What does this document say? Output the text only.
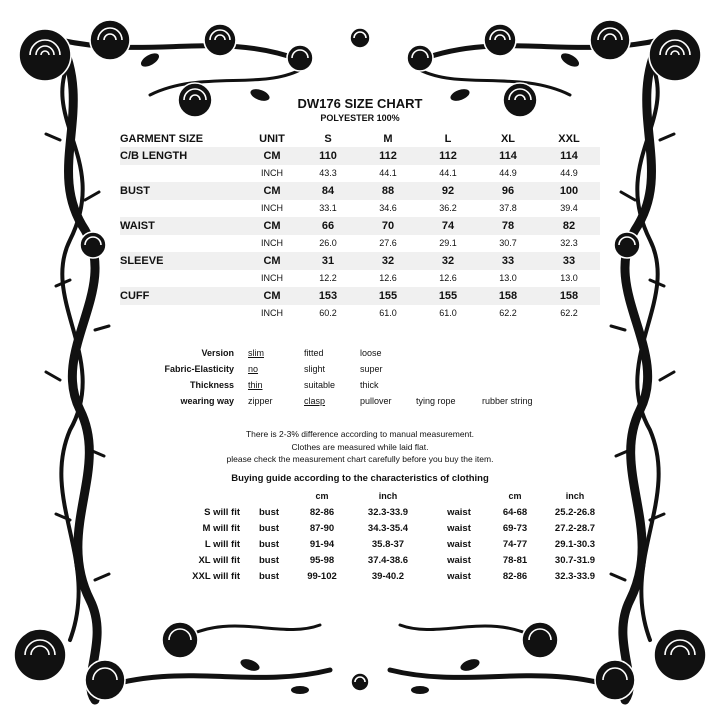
DW176 SIZE CHART
POLYESTER 100%
GARMENT SIZE	UNIT	S	M	L	XL	XXL
C/B LENGTH	CM	110	112	112	114	114
	INCH	43.3	44.1	44.1	44.9	44.9
BUST	CM	84	88	92	96	100
	INCH	33.1	34.6	36.2	37.8	39.4
WAIST	CM	66	70	74	78	82
	INCH	26.0	27.6	29.1	30.7	32.3
SLEEVE	CM	31	32	32	33	33
	INCH	12.2	12.6	12.6	13.0	13.0
CUFF	CM	153	155	155	158	158
	INCH	60.2	61.0	61.0	62.2	62.2
Version	slim	fitted	loose		
Fabric-Elasticity	no	slight	super		
Thickness	thin	suitable	thick		
wearing way	zipper	clasp	pullover	tying rope	rubber string
There is 2-3% difference according to manual measurement.
Clothes are measured while laid flat.
please check the measurement chart carefully before you buy the item.
Buying guide according to the characteristics of clothing
		cm	inch		cm	inch
S will fit	bust	82-86	32.3-33.9	waist	64-68	25.2-26.8
M will fit	bust	87-90	34.3-35.4	waist	69-73	27.2-28.7
L will fit	bust	91-94	35.8-37	waist	74-77	29.1-30.3
XL will fit	bust	95-98	37.4-38.6	waist	78-81	30.7-31.9
XXL will fit	bust	99-102	39-40.2	waist	82-86	32.3-33.9
